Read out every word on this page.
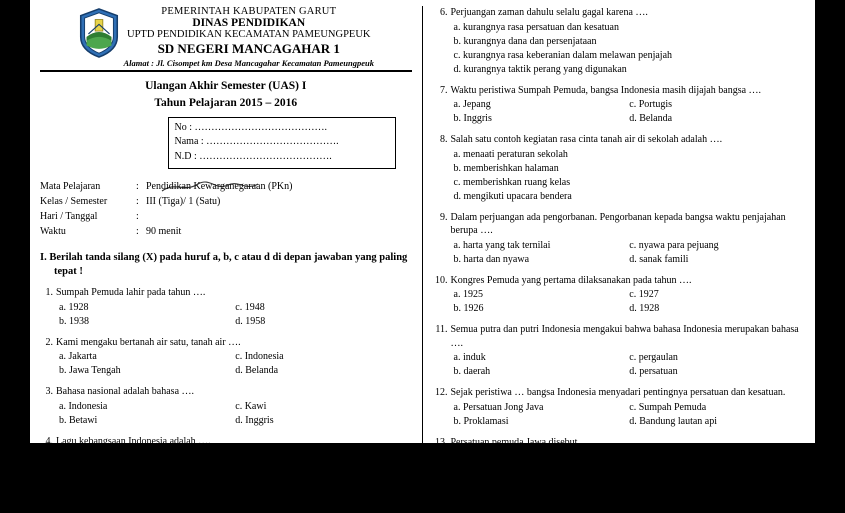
PEMERINTAH KABUPATEN GARUT
DINAS PENDIDIKAN
UPTD PENDIDIKAN KECAMATAN PAMEUNGPEUK
SD NEGERI MANCAGAHAR 1
Alamat : Jl. Cisompet km Desa Mancagahar Kecamatan Pameungpeuk
Ulangan Akhir Semester (UAS) I
Tahun Pelajaran 2015 – 2016
No : ………………………………….
Nama : ………………………………….
N.D : ………………………………….
Mata Pelajaran	: Pendidikan Kewarganegaraan (PKn)
Kelas / Semester	: III (Tiga)/ 1 (Satu)
Hari / Tanggal	:
Waktu	: 90 menit
I. Berilah tanda silang (X) pada huruf a, b, c atau d di depan jawaban yang paling
tepat !
1. Sumpah Pemuda lahir pada tahun ….
a. 1928	c. 1948
b. 1938	d. 1958
2. Kami mengaku bertanah air satu, tanah air ….
a. Jakarta	c. Indonesia
b. Jawa Tengah	d. Belanda
3. Bahasa nasional adalah bahasa ….
a. Indonesia	c. Kawi
b. Betawi	d. Inggris
4. Lagu kebangsaan Indonesia adalah ….
a. Indonesia Merdeka	c. Hari Merdeka
b. Indonesia Raya	d. Indonesia Pusaka
5. Para pejuang berjuang demi kepentingan ….
a. pribadi	c. martabatnya
6. Perjuangan zaman dahulu selalu gagal karena ….
a. kurangnya rasa persatuan dan kesatuan
b. kurangnya dana dan persenjataan
c. kurangnya rasa keberanian dalam melawan penjajah
d. kurangnya taktik perang yang digunakan
7. Waktu peristiwa Sumpah Pemuda, bangsa Indonesia masih dijajah bangsa ….
a. Jepang	c. Portugis
b. Inggris	d. Belanda
8. Salah satu contoh kegiatan rasa cinta tanah air di sekolah adalah ….
a. menaati peraturan sekolah
b. memberishkan halaman
c. memberishkan ruang kelas
d. mengikuti upacara bendera
9. Dalam perjuangan ada pengorbanan. Pengorbanan kepada bangsa waktu penjajahan berupa ….
a. harta yang tak ternilai	c. nyawa para pejuang
b. harta dan nyawa	d. sanak famili
10. Kongres Pemuda yang pertama dilaksanakan pada tahun ….
a. 1925	c. 1927
b. 1926	d. 1928
11. Semua putra dan putri Indonesia mengakui bahwa bahasa Indonesia merupakan bahasa ….
a. induk	c. pergaulan
b. daerah	d. persatuan
12. Sejak peristiwa … bangsa Indonesia menyadari pentingnya persatuan dan kesatuan.
a. Persatuan Jong Java	c. Sumpah Pemuda
b. Proklamasi	d. Bandung lautan api
13. Persatuan pemuda Jawa disebut ….
a. Jong Celebes	c. Jong Java
b. Jong Borneo	d. Jong Sumatra
14. Tri Kara Darma berubah nama menjadi …
